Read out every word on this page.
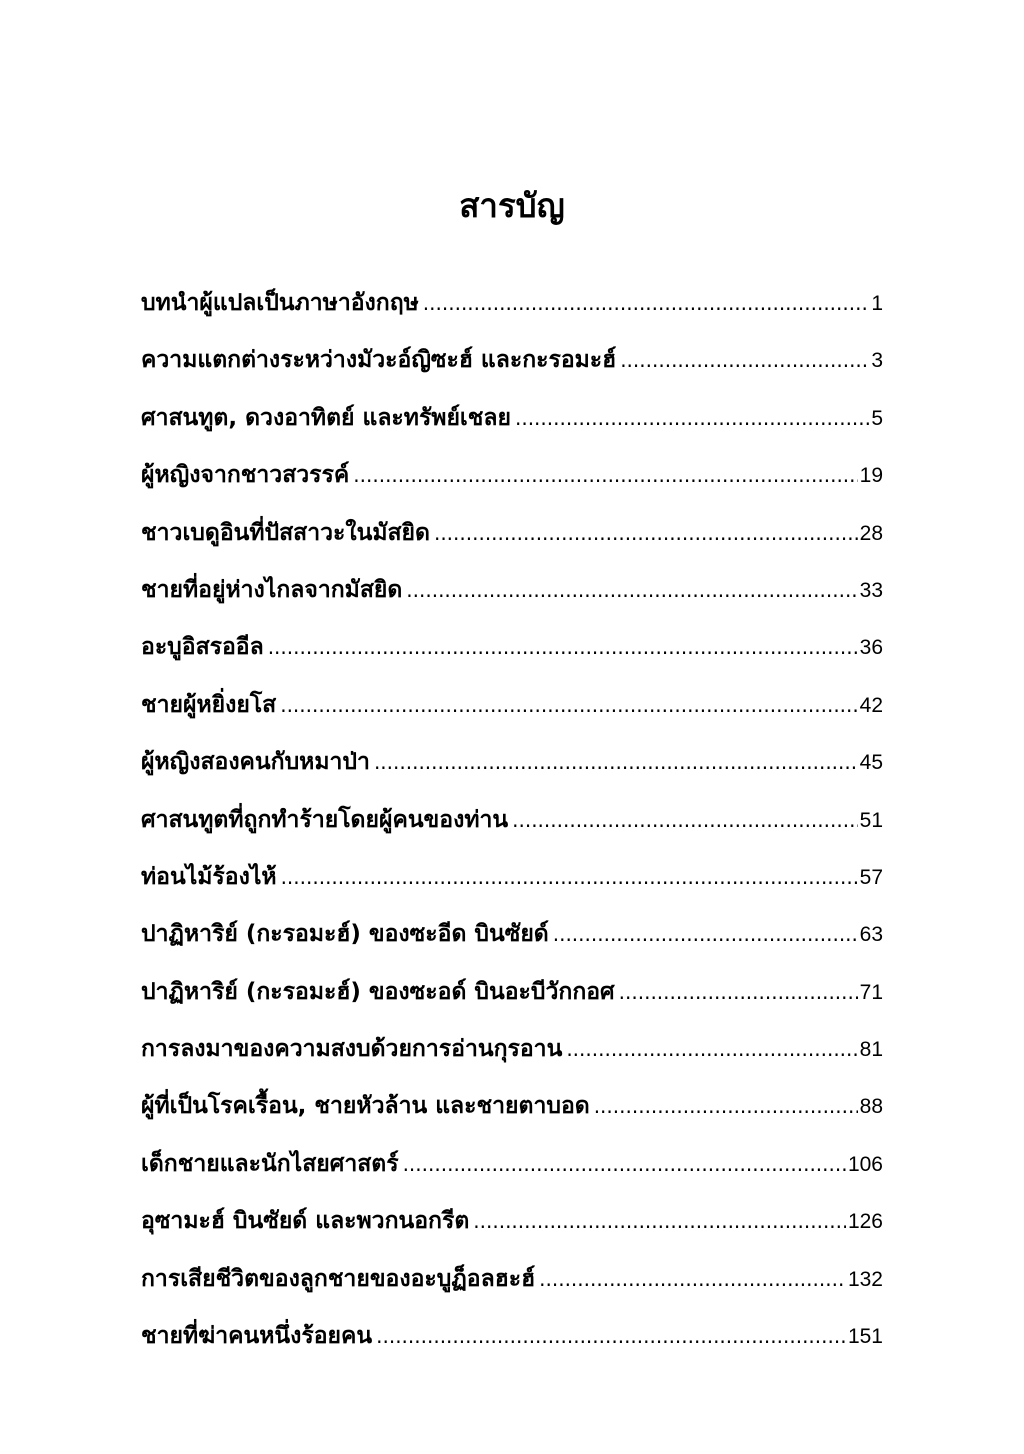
สารบัญ
บทนำผู้แปลเป็นภาษาอังกฤษ .....	1
ความแตกต่างระหว่างมัวะอ์ญิซะฮ์ และกะรอมะฮ์ .....	3
ศาสนทูต, ดวงอาทิตย์ และทรัพย์เชลย .....	5
ผู้หญิงจากชาวสวรรค์ .....	19
ชาวเบดูอินที่ปัสสาวะในมัสยิด .....	28
ชายที่อยู่ห่างไกลจากมัสยิด .....	33
อะบูอิสรออีล .....	36
ชายผู้หยิ่งยโส .....	42
ผู้หญิงสองคนกับหมาป่า .....	45
ศาสนทูตที่ถูกทำร้ายโดยผู้คนของท่าน .....	51
ท่อนไม้ร้องไห้ .....	57
ปาฏิหาริย์ (กะรอมะฮ์) ของซะอีด บินซัยด์ .....	63
ปาฏิหาริย์ (กะรอมะฮ์) ของซะอด์ บินอะบีวักกอศ .....	71
การลงมาของความสงบด้วยการอ่านกุรอาน .....	81
ผู้ที่เป็นโรคเรื้อน, ชายหัวล้าน และชายตาบอด .....	88
เด็กชายและนักไสยศาสตร์ .....	106
อุซามะฮ์ บินซัยด์ และพวกนอกรีต .....	126
การเสียชีวิตของลูกชายของอะบูฏ็อลฮะฮ์ .....	132
ชายที่ฆ่าคนหนึ่งร้อยคน .....	151
